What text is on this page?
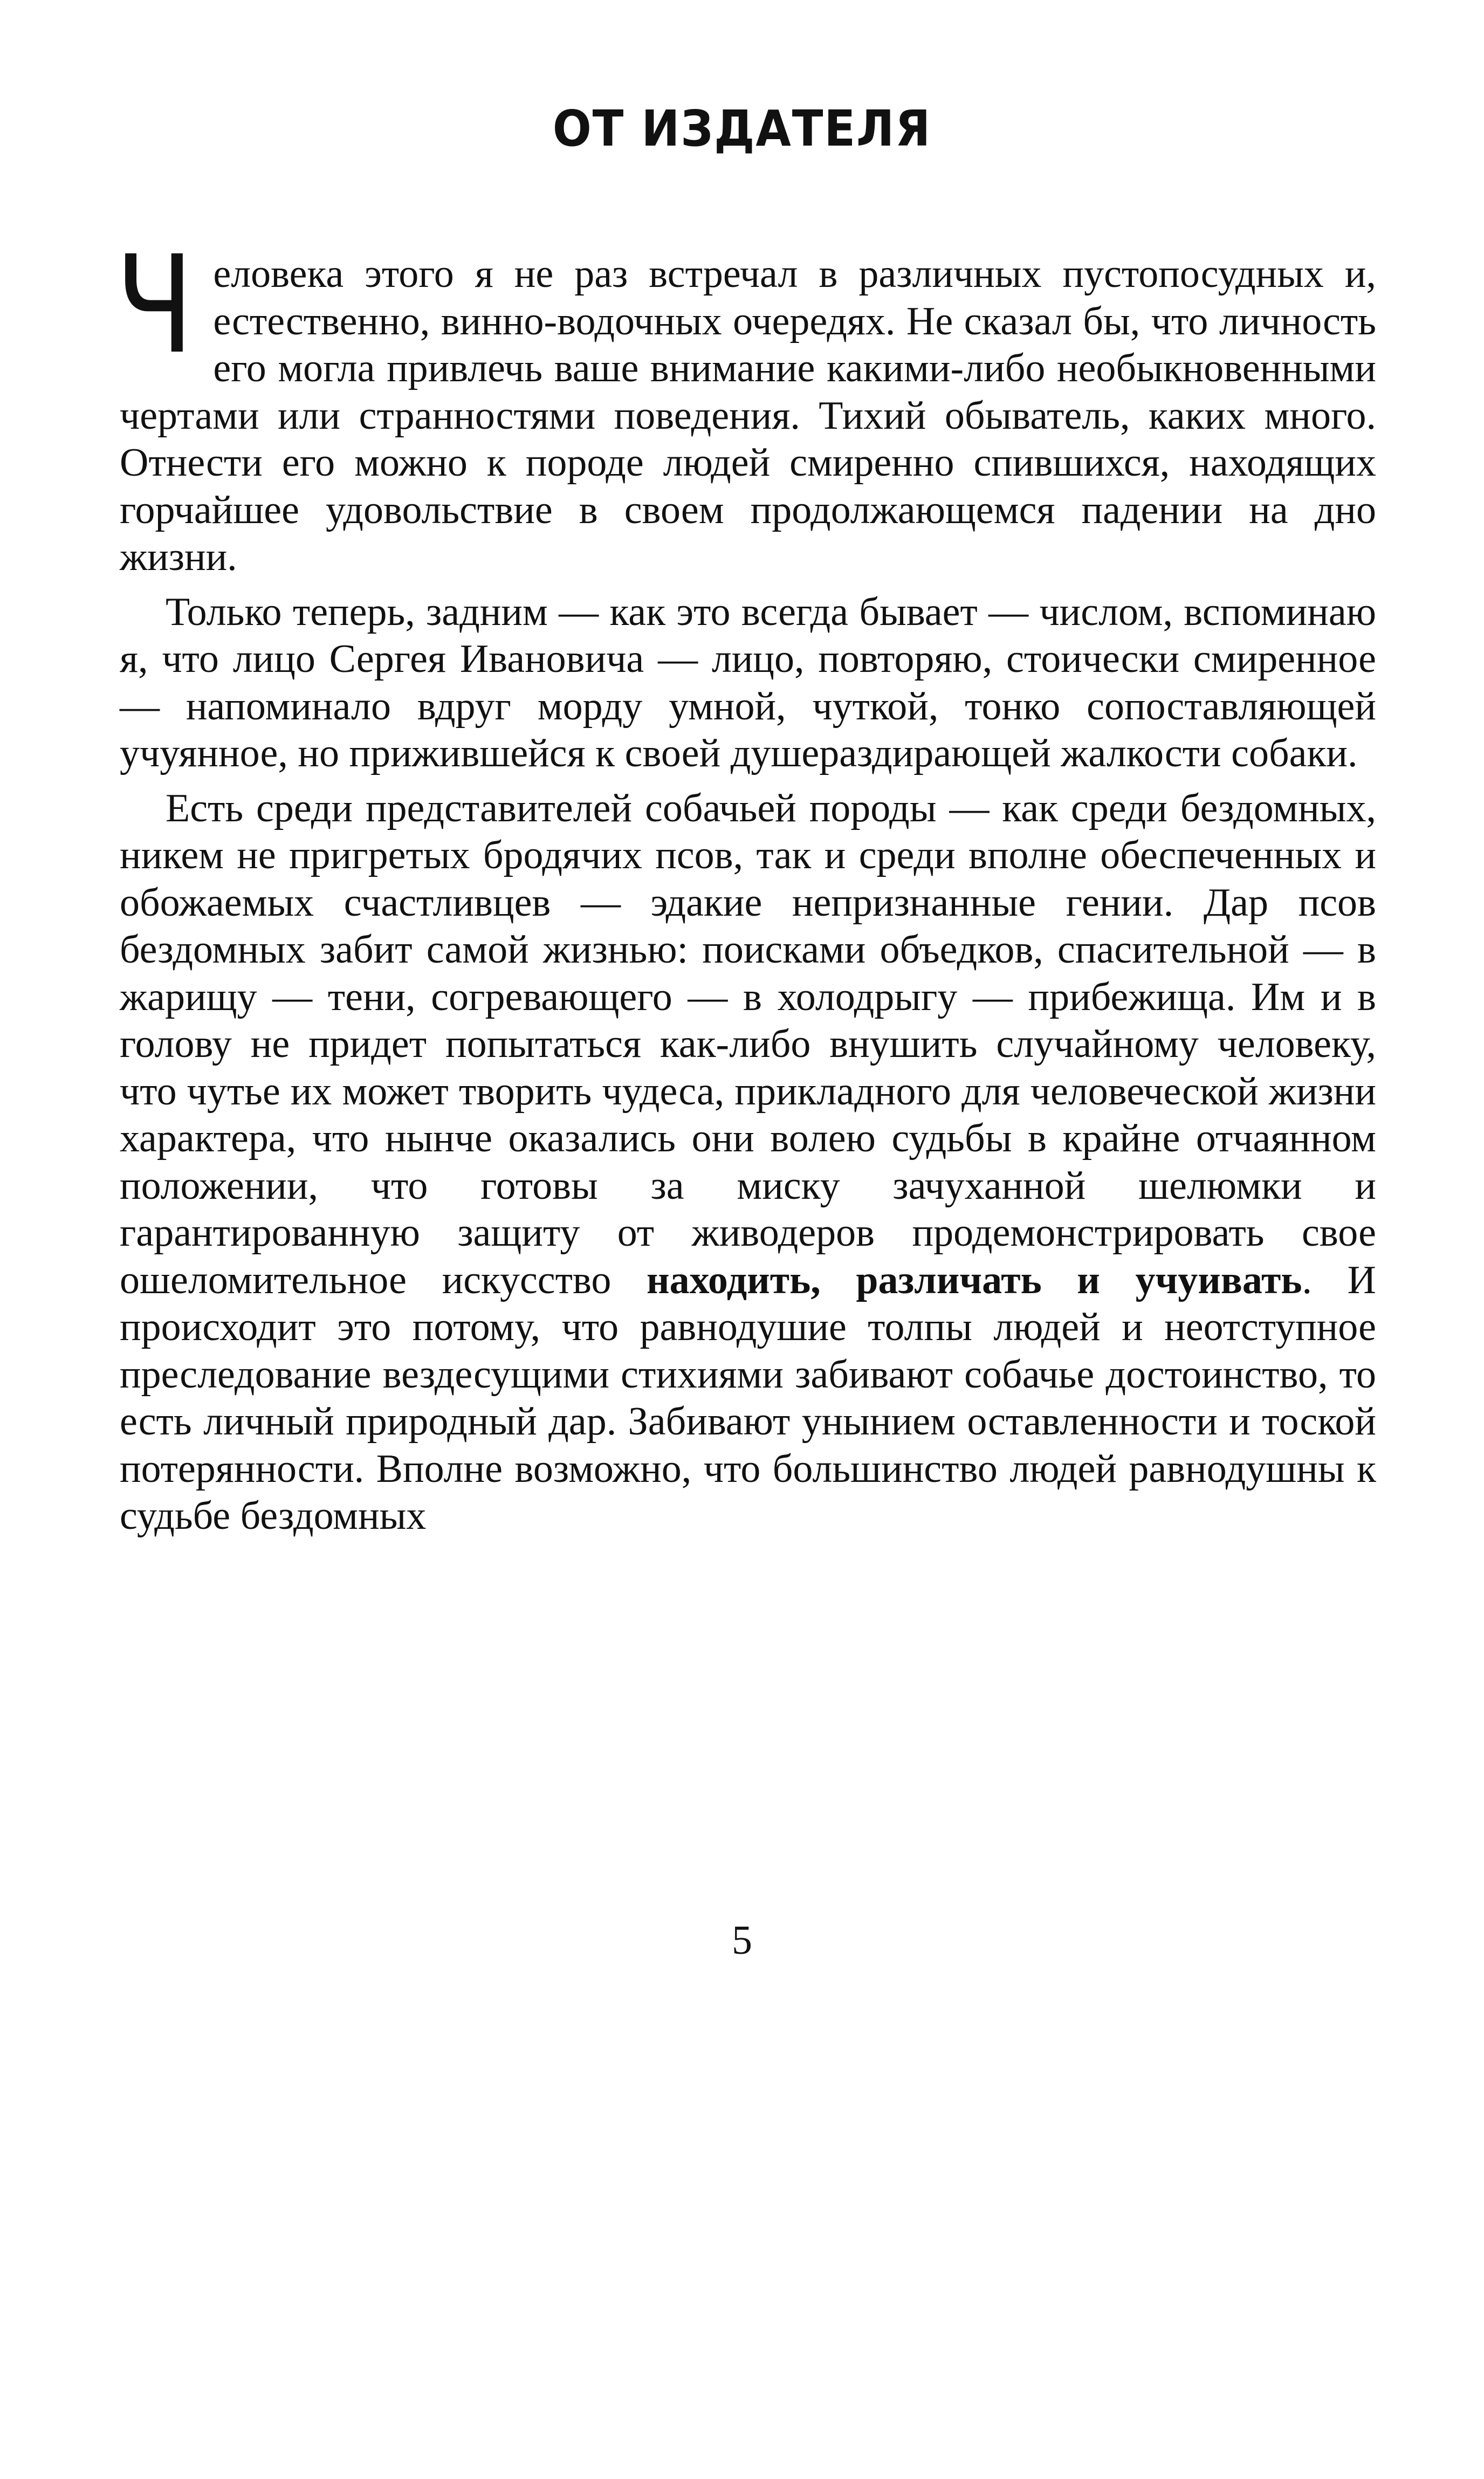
ОТ ИЗДАТЕЛЯ

Человека этого я не раз встречал в различных пустопосудных и, естественно, винно-водочных очередях. Не сказал бы, что личность его могла привлечь ваше внимание какими-либо необыкновенными чертами или странностями поведения. Тихий обыватель, каких много. Отнести его можно к породе людей смиренно спившихся, находящих горчайшее удовольствие в своем продолжающемся падении на дно жизни.

Только теперь, задним — как это всегда бывает — числом, вспоминаю я, что лицо Сергея Ивановича — лицо, повторяю, стоически смиренное — напоминало вдруг морду умной, чуткой, тонко сопоставляющей учуянное, но прижившейся к своей душераздирающей жалкости собаки.

Есть среди представителей собачьей породы — как среди бездомных, никем не пригретых бродячих псов, так и среди вполне обеспеченных и обожаемых счастливцев — эдакие непризнанные гении. Дар псов бездомных забит самой жизнью: поисками объедков, спасительной — в жарищу — тени, согревающего — в холодрыгу — прибежища. Им и в голову не придет попытаться как-либо внушить случайному человеку, что чутье их может творить чудеса, прикладного для человеческой жизни характера, что нынче оказались они волею судьбы в крайне отчаянном положении, что готовы за миску зачуханной шелюмки и гарантированную защиту от живодеров продемонстрировать свое ошеломительное искусство находить, различать и учуивать. И происходит это потому, что равнодушие толпы людей и неотступное преследование вездесущими стихиями забивают собачье достоинство, то есть личный природный дар. Забивают унынием оставленности и тоской потерянности. Вполне возможно, что большинство людей равнодушны к судьбе бездомных

5
